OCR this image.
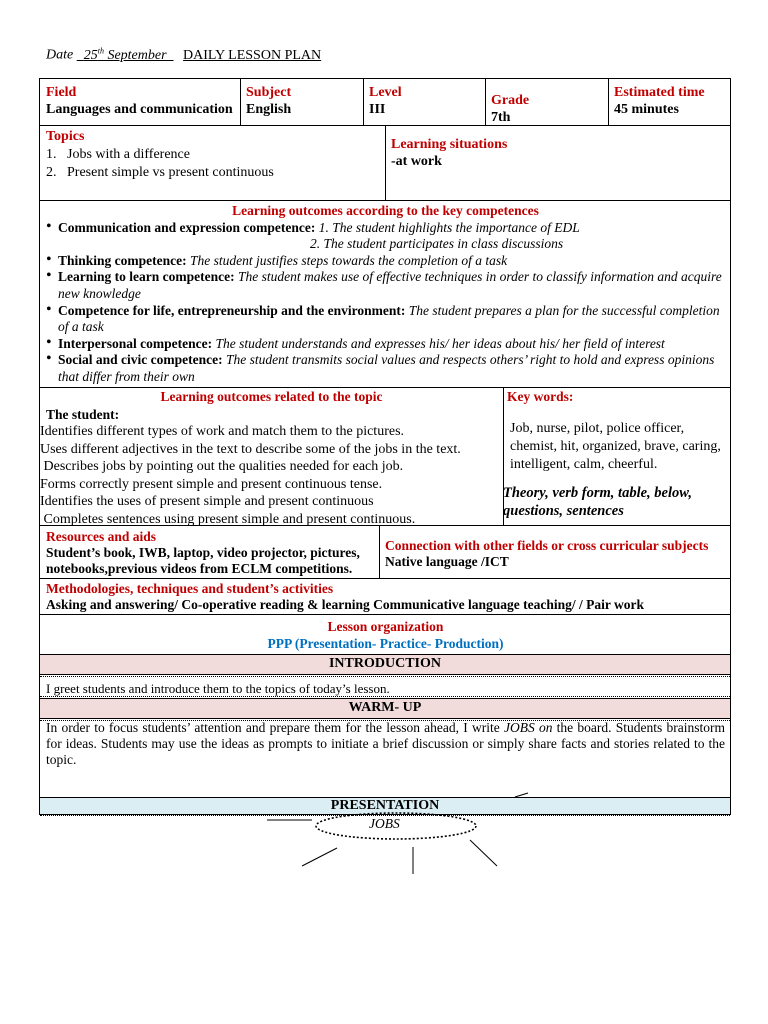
Date 25th September DAILY LESSON PLAN
INTRODUCTION
WARM- UP
PRESENTATION
Field
Languages and communication
Subject
English
Level
III
Grade
7th
Estimated time
45 minutes
Topics
1.   Jobs with a difference
2.   Present simple vs present continuous
Learning situations
-at work
Learning outcomes according to the key competences
• Communication and expression competence: 1. The student highlights the importance of EDL
2. The student participates in class discussions
• Thinking competence: The student justifies steps towards the completion of a task
• Learning to learn competence: The student makes use of effective techniques in order to classify information and acquire new knowledge
• Competence for life, entrepreneurship and the environment: The student prepares a plan for the successful completion of a task
• Interpersonal competence: The student understands and expresses his/ her ideas about his/ her field of interest
• Social and civic competence: The student transmits social values and respects others’ right to hold and express opinions that differ from their own
Learning outcomes related to the topic
The student:
Identifies different types of work and match them to the pictures.
Uses different adjectives in the text to describe some of the jobs in the text.
Describes jobs by pointing out the qualities needed for each job.
Forms correctly present simple and present continuous tense.
Identifies the uses of present simple and present continuous
Completes sentences using present simple and present continuous.
Key words:
Job, nurse, pilot, police officer, chemist, hit, organized, brave, caring, intelligent, calm, cheerful.
Theory, verb form, table, below, questions, sentences
Resources and aids
Student’s book, IWB, laptop, video projector, pictures, notebooks,previous videos from ECLM competitions.
Connection with other fields or cross curricular subjects
Native language /ICT
Methodologies, techniques and student’s activities
Asking and answering/ Co-operative reading & learning Communicative language teaching/ / Pair work
Lesson organization
PPP (Presentation- Practice- Production)
I greet students and introduce them to the topics of today’s lesson.
In order to focus students’ attention and prepare them for the lesson ahead, I write JOBS on the board. Students brainstorm for ideas. Students may use the ideas as prompts to initiate a brief discussion or simply share facts and stories related to the topic.
JOBS
